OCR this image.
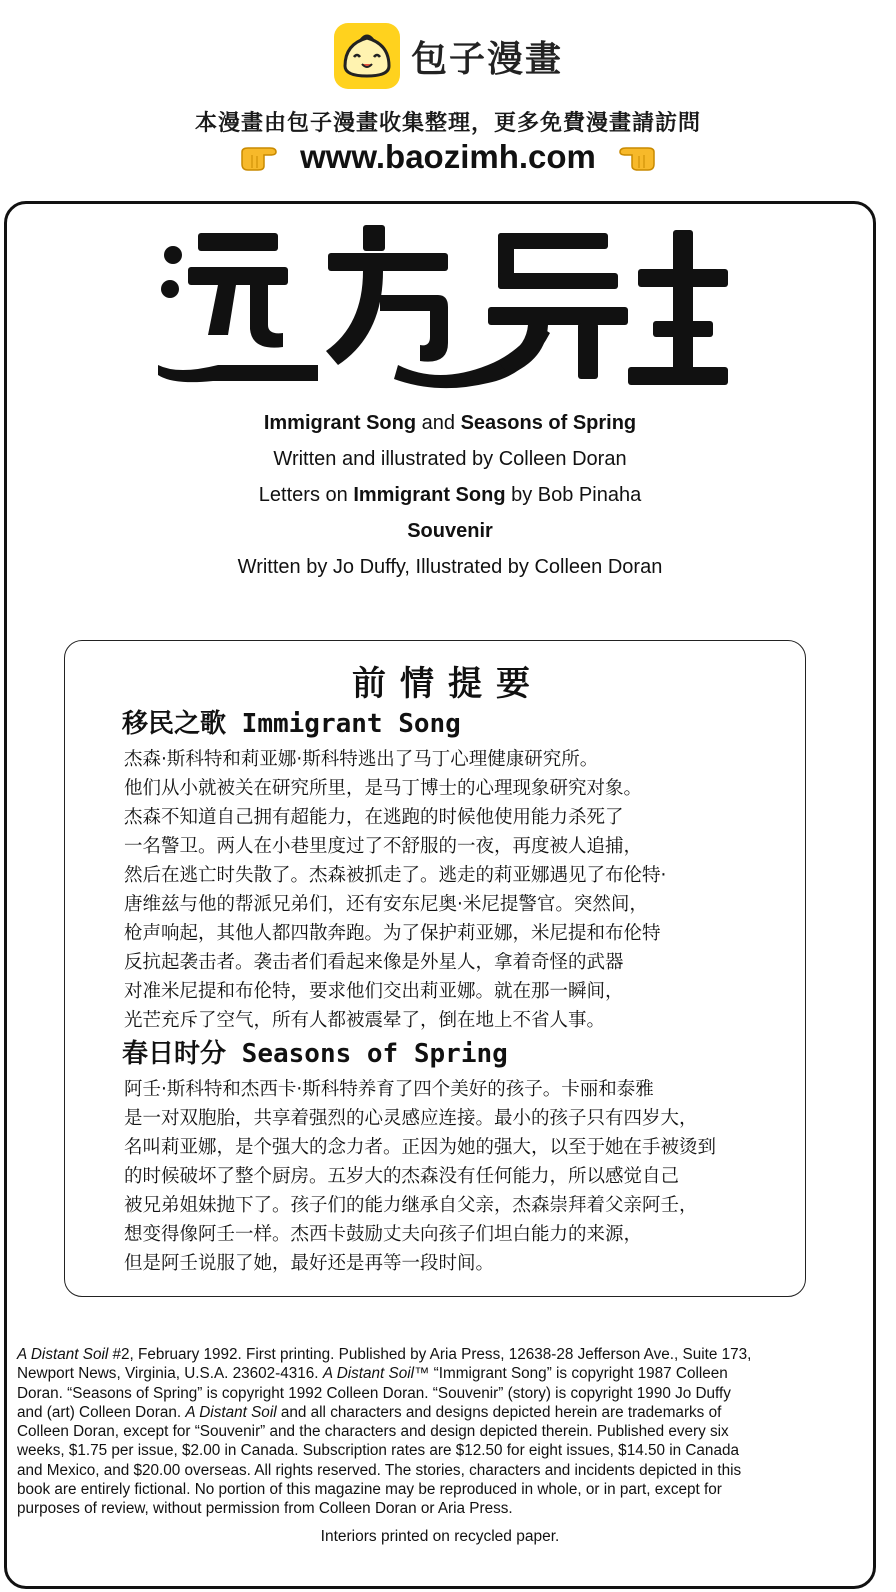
包子漫畫
本漫畫由包子漫畫收集整理，更多免費漫畫請訪問
www.baozimh.com
Immigrant Song and Seasons of Spring
Written and illustrated by Colleen Doran
Letters on Immigrant Song by Bob Pinaha
Souvenir
Written by Jo Duffy, Illustrated by Colleen Doran
前情提要
移民之歌 Immigrant Song
杰森·斯科特和莉亚娜·斯科特逃出了马丁心理健康研究所。
他们从小就被关在研究所里，是马丁博士的心理现象研究对象。
杰森不知道自己拥有超能力，在逃跑的时候他使用能力杀死了
一名警卫。两人在小巷里度过了不舒服的一夜，再度被人追捕，
然后在逃亡时失散了。杰森被抓走了。逃走的莉亚娜遇见了布伦特·
唐维兹与他的帮派兄弟们，还有安东尼奥·米尼提警官。突然间，
枪声响起，其他人都四散奔跑。为了保护莉亚娜，米尼提和布伦特
反抗起袭击者。袭击者们看起来像是外星人，拿着奇怪的武器
对准米尼提和布伦特，要求他们交出莉亚娜。就在那一瞬间，
光芒充斥了空气，所有人都被震晕了，倒在地上不省人事。
春日时分 Seasons of Spring
阿壬·斯科特和杰西卡·斯科特养育了四个美好的孩子。卡丽和泰雅
是一对双胞胎，共享着强烈的心灵感应连接。最小的孩子只有四岁大，
名叫莉亚娜，是个强大的念力者。正因为她的强大，以至于她在手被烫到
的时候破坏了整个厨房。五岁大的杰森没有任何能力，所以感觉自己
被兄弟姐妹抛下了。孩子们的能力继承自父亲，杰森崇拜着父亲阿壬，
想变得像阿壬一样。杰西卡鼓励丈夫向孩子们坦白能力的来源，
但是阿壬说服了她，最好还是再等一段时间。
A Distant Soil #2, February 1992. First printing. Published by Aria Press, 12638-28 Jefferson Ave., Suite 173,
Newport News, Virginia, U.S.A. 23602-4316. A Distant Soil™ “Immigrant Song” is copyright 1987 Colleen
Doran. “Seasons of Spring” is copyright 1992 Colleen Doran. “Souvenir” (story) is copyright 1990 Jo Duffy
and (art) Colleen Doran. A Distant Soil and all characters and designs depicted herein are trademarks of
Colleen Doran, except for “Souvenir” and the characters and design depicted therein. Published every six
weeks, $1.75 per issue, $2.00 in Canada. Subscription rates are $12.50 for eight issues, $14.50 in Canada
and Mexico, and $20.00 overseas. All rights reserved. The stories, characters and incidents depicted in this
book are entirely fictional. No portion of this magazine may be reproduced in whole, or in part, except for
purposes of review, without permission from Colleen Doran or Aria Press.
Interiors printed on recycled paper.
